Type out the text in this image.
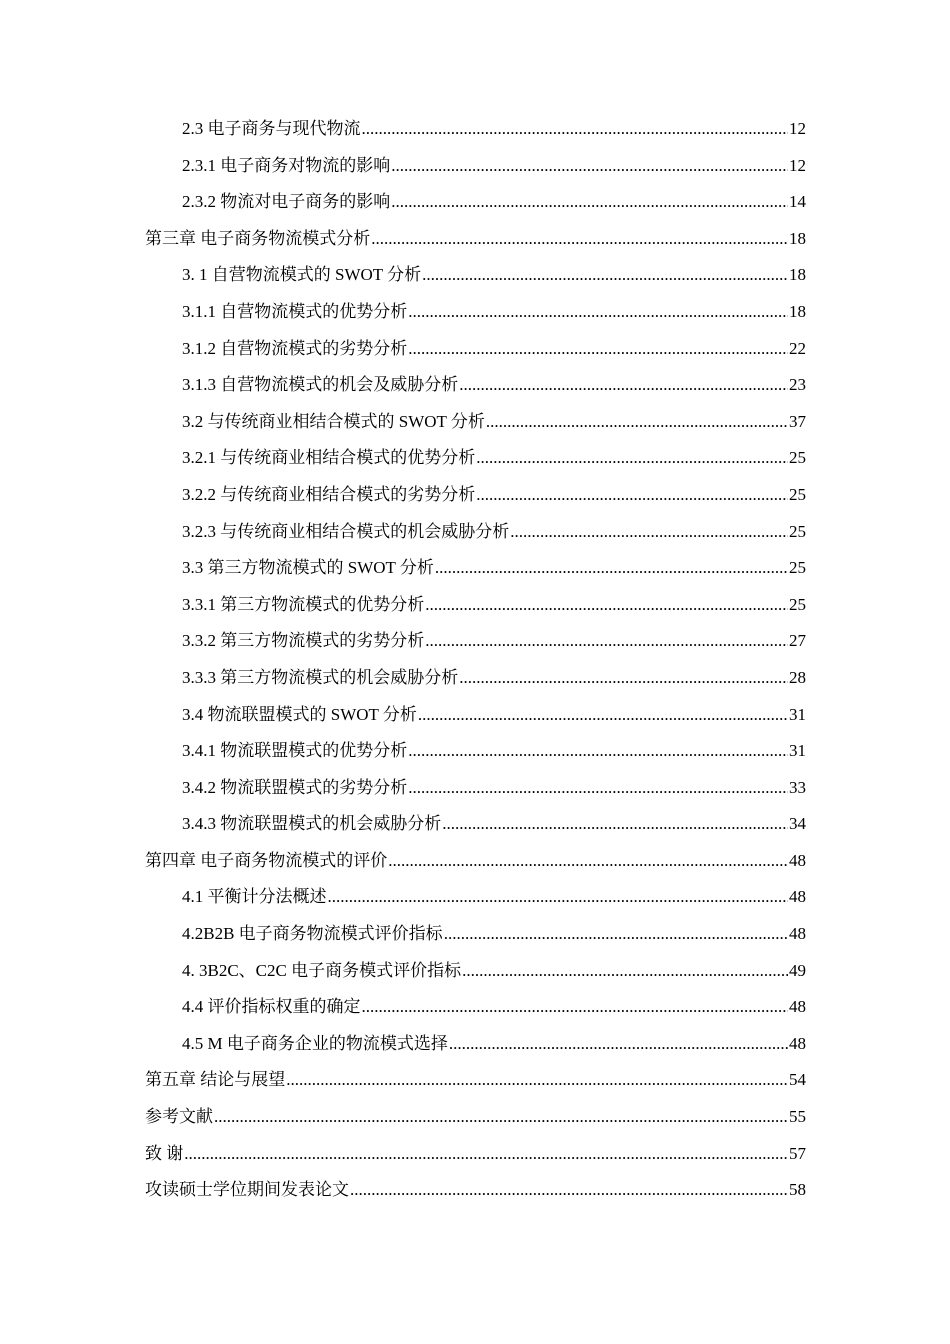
2.3 电子商务与现代物流 .....	12
2.3.1 电子商务对物流的影响 .....	12
2.3.2 物流对电子商务的影响 .....	14
第三章 电子商务物流模式分析 .....	18
3. 1 自营物流模式的 SWOT 分析 .....	18
3.1.1 自营物流模式的优势分析 .....	18
3.1.2 自营物流模式的劣势分析 .....	22
3.1.3 自营物流模式的机会及威胁分析 .....	23
3.2 与传统商业相结合模式的 SWOT 分析 .....	37
3.2.1 与传统商业相结合模式的优势分析 .....	25
3.2.2 与传统商业相结合模式的劣势分析 .....	25
3.2.3 与传统商业相结合模式的机会威胁分析 .....	25
3.3 第三方物流模式的 SWOT 分析 .....	25
3.3.1 第三方物流模式的优势分析 .....	25
3.3.2 第三方物流模式的劣势分析 .....	27
3.3.3 第三方物流模式的机会威胁分析 .....	28
3.4 物流联盟模式的 SWOT 分析 .....	31
3.4.1 物流联盟模式的优势分析 .....	31
3.4.2 物流联盟模式的劣势分析 .....	33
3.4.3 物流联盟模式的机会威胁分析 .....	34
第四章 电子商务物流模式的评价 .....	48
4.1 平衡计分法概述 .....	48
4.2B2B 电子商务物流模式评价指标 .....	48
4. 3B2C、C2C 电子商务模式评价指标 .....	49
4.4 评价指标权重的确定 .....	48
4.5 M 电子商务企业的物流模式选择 .....	48
第五章 结论与展望 .....	54
参考文献 .....	55
致 谢 .....	57
攻读硕士学位期间发表论文 .....	58
